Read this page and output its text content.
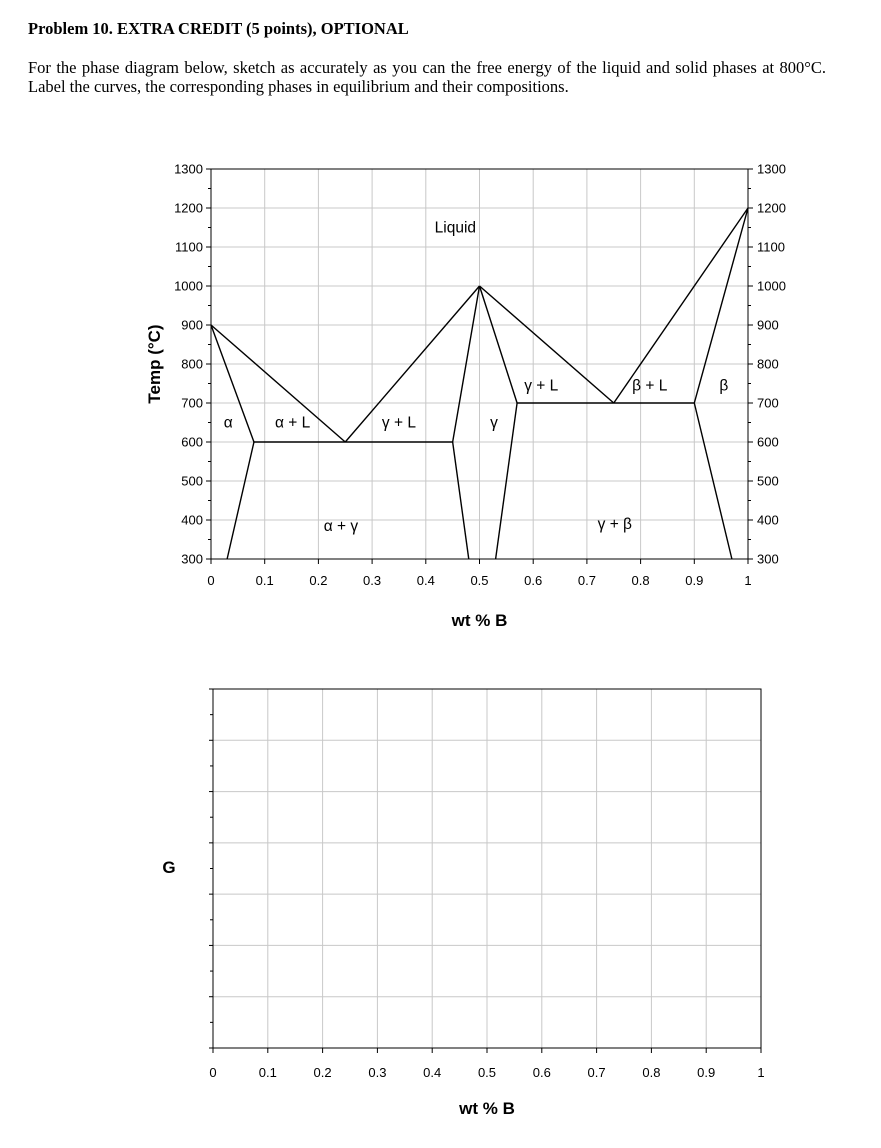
Problem 10. EXTRA CREDIT (5 points), OPTIONAL
For the phase diagram below, sketch as accurately as you can the free energy of the liquid and solid phases at 800°C. Label the curves, the corresponding phases in equilibrium and their compositions.
0	0.1	0.2	0.3	0.4	0.5	0.6	0.7	0.8	0.9	1
300	300
400	400
500	500
600	600
700	700
800	800
900	900
1000	1000
1100	1100
1200	1200
1300	1300
Liquid
α	α + L	γ + L	γ
γ + L	β + L	β
α + γ	γ + β
wt % B
Temp (°C)
0	0.1	0.2	0.3	0.4	0.5	0.6	0.7	0.8	0.9	1
wt % B
G
